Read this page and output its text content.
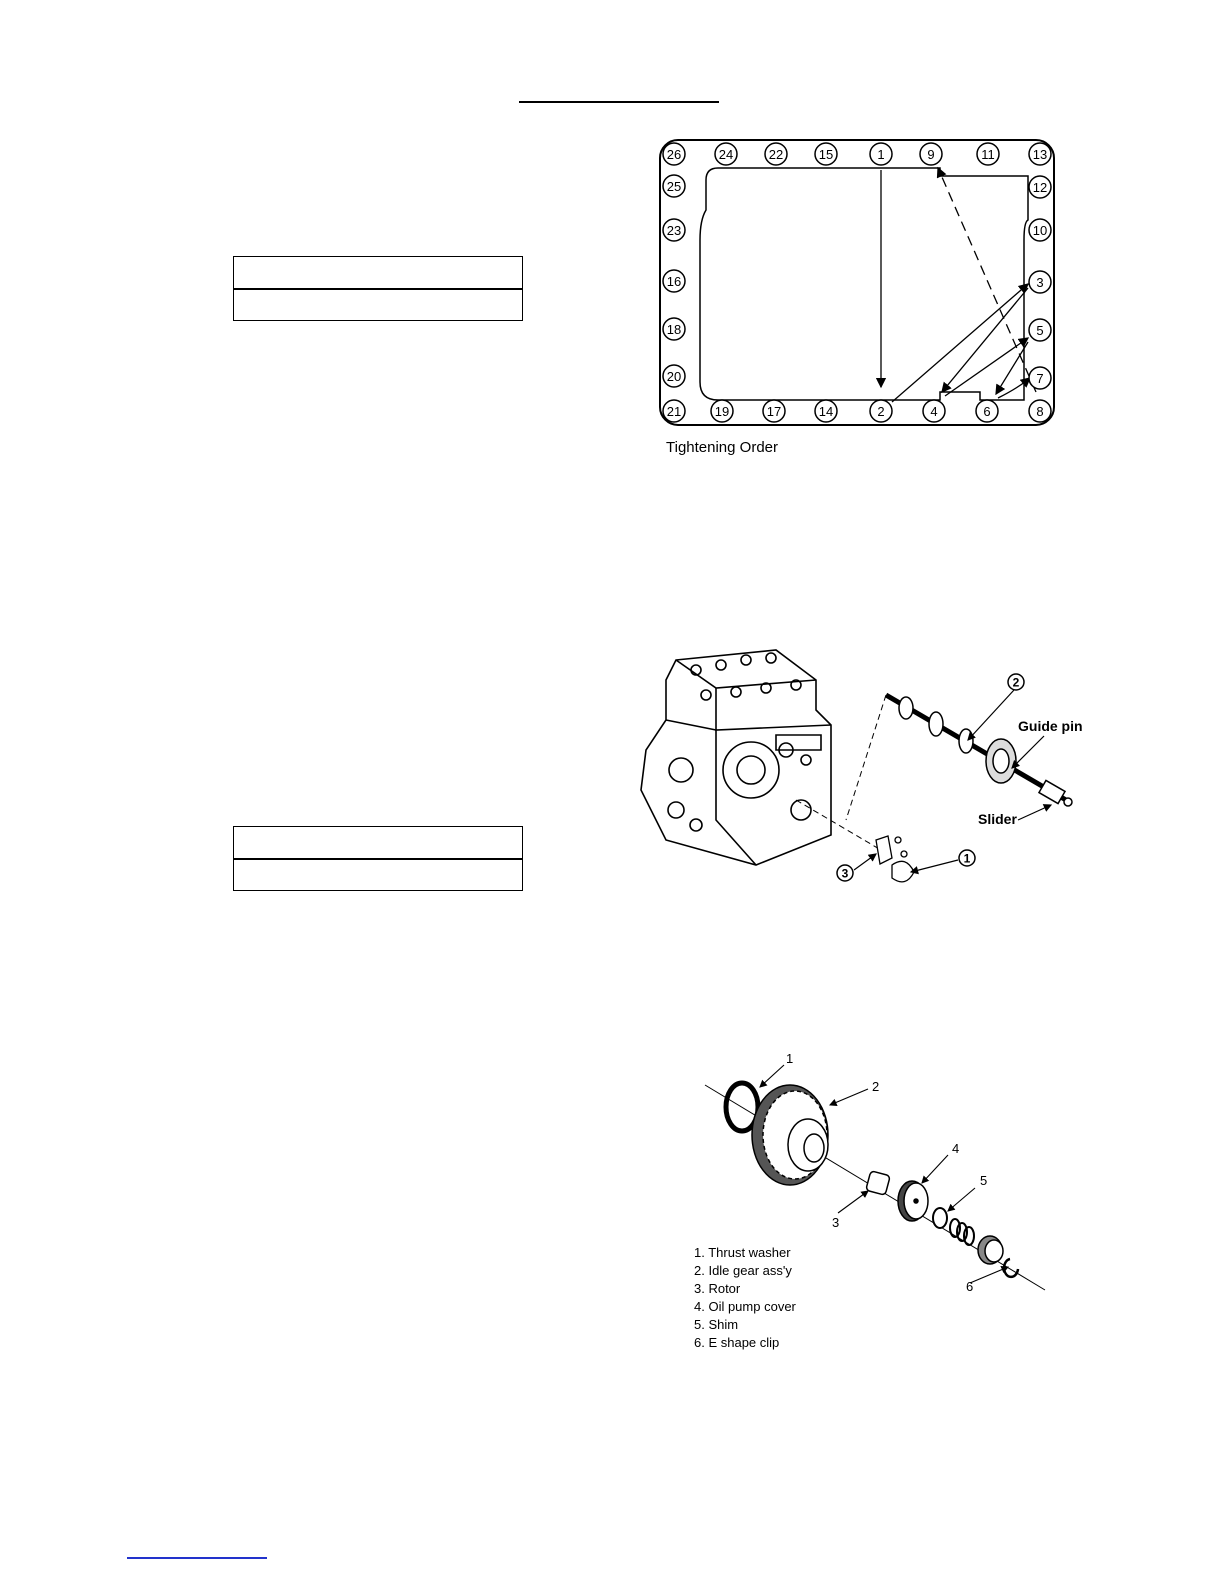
26	24	22	15	1	9	11	13
25
23
16
18
20
12
10
3
5
7
21	19	17	14	2	4	6	8
Tightening Order
2
Guide pin
Slider
1
3
1
2
3
4
5
6
1. Thrust washer
2. Idle gear ass'y
3. Rotor
4. Oil pump cover
5. Shim
6. E shape clip
